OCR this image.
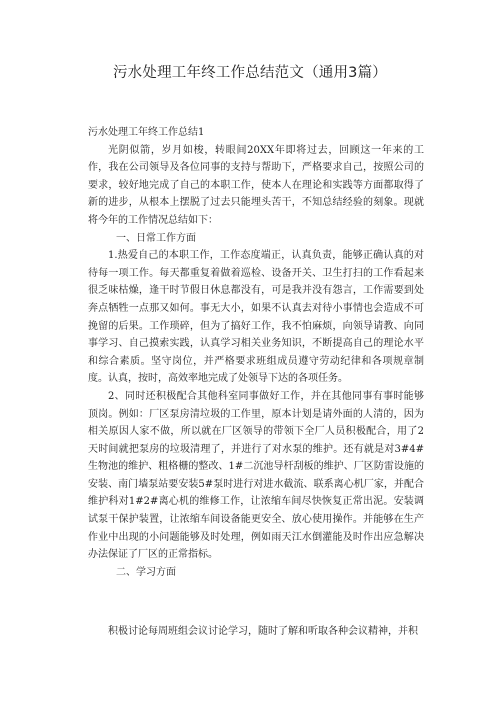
污水处理工年终工作总结范文（通用3篇）

污水处理工年终工作总结1

光阴似箭，岁月如梭，转眼间20XX年即将过去，回顾这一年来的工作，我在公司领导及各位同事的支持与帮助下，严格要求自己，按照公司的要求，较好地完成了自己的本职工作，使本人在理论和实践等方面都取得了新的进步，从根本上摆脱了过去只能埋头苦干，不知总结经验的刻象。现就将今年的工作情况总结如下：

一、日常工作方面

1.热爱自己的本职工作，工作态度端正，认真负责，能够正确认真的对待每一项工作。每天都重复着做着巡检、设备开关、卫生打扫的工作看起来很乏味枯燥，逢干时节假日休息都没有，可是我并没有怨言，工作需要到处奔点牺牲一点那又如何。事无大小，如果不认真去对待小事情也会造成不可挽留的后果。工作琐碎，但为了搞好工作，我不怕麻烦，向领导请教、向同事学习、自己摸索实践，认真学习相关业务知识，不断提高自己的理论水平和综合素质。坚守岗位，并严格要求班组成员遵守劳动纪律和各项规章制度。认真，按时，高效率地完成了处领导下达的各项任务。

2、同时还积极配合其他科室同事做好工作，并在其他同事有事时能够顶岗。例如：厂区泵房清垃圾的工作里，原本计划是请外面的人清的，因为相关原因人家不做，所以就在厂区领导的带领下全厂人员积极配合，用了2天时间就把泵房的垃圾清理了，并进行了对水泵的维护。还有就是对3#4#生物池的维护、粗格栅的整改、1#二沉池导杆刮板的维护、厂区防雷设施的安装、南门墙泵站要安装5#泵时进行对进水截流、联系离心机厂家，并配合维护科对1#2#离心机的维修工作，让浓缩车间尽快恢复正常出泥。安装调试泵干保护装置，让浓缩车间设备能更安全、放心使用操作。并能够在生产作业中出现的小问题能够及时处理，例如雨天江水倒灌能及时作出应急解决办法保证了厂区的正常指标。

二、学习方面

积极讨论每周班组会议讨论学习，随时了解和听取各种会议精神，并积
